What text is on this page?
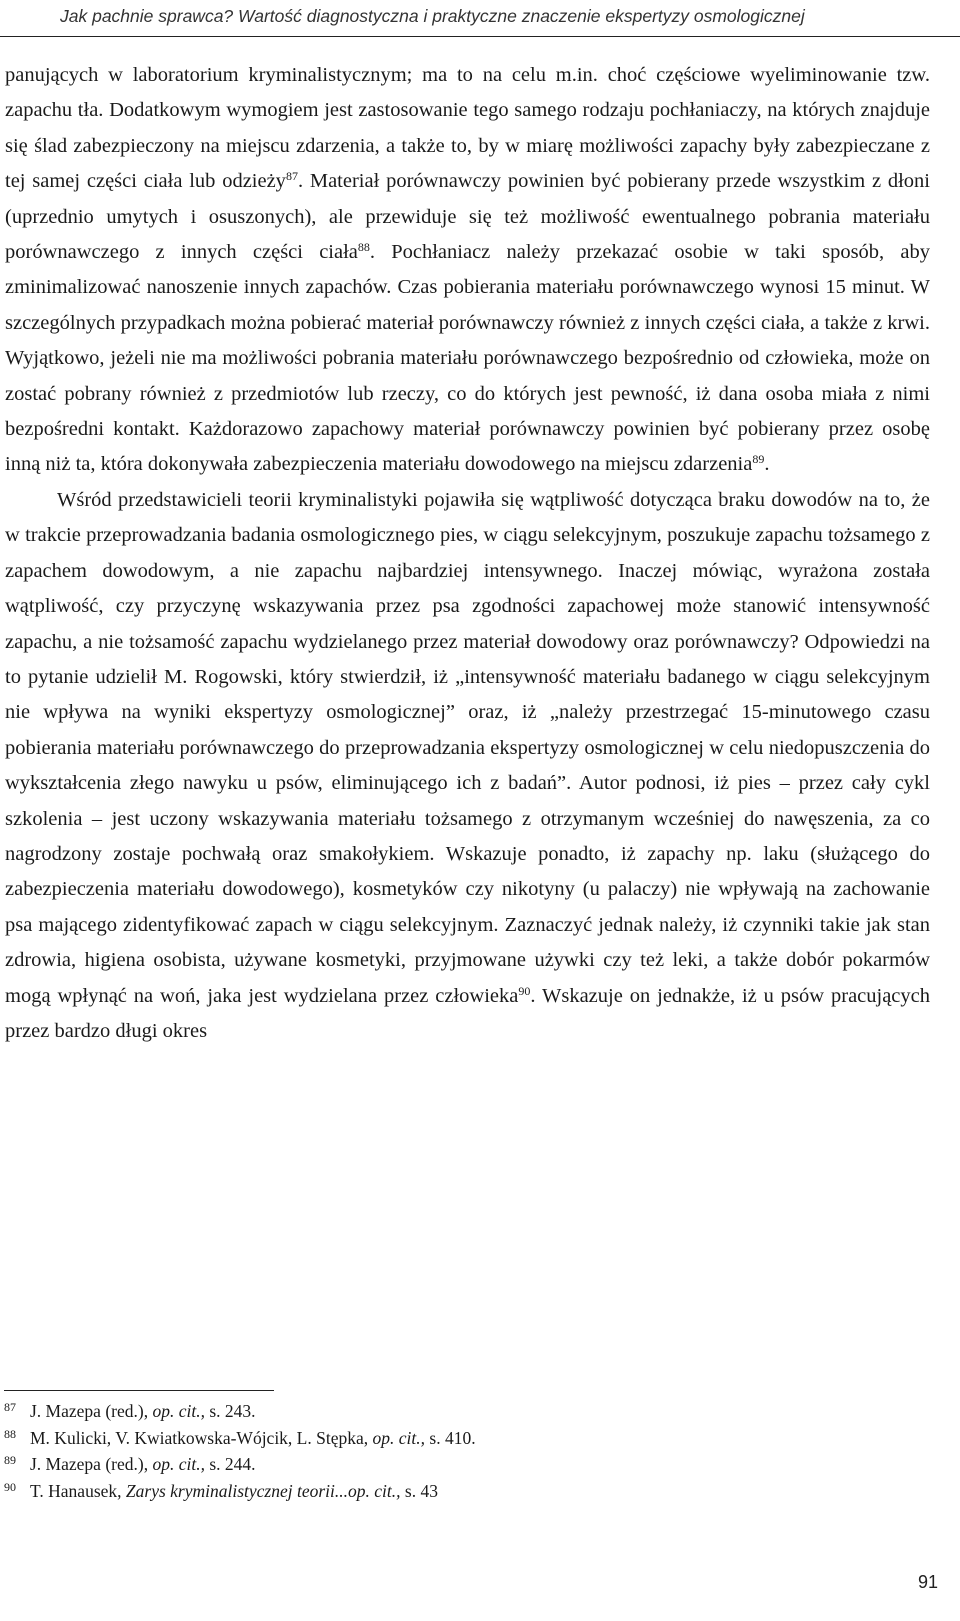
Jak pachnie sprawca? Wartość diagnostyczna i praktyczne znaczenie ekspertyzy osmologicznej

panujących w laboratorium kryminalistycznym; ma to na celu m.in. choć częściowe wyeliminowanie tzw. zapachu tła. Dodatkowym wymogiem jest zastosowanie tego samego rodzaju pochłaniaczy, na których znajduje się ślad zabezpieczony na miejscu zdarzenia, a także to, by w miarę możliwości zapachy były zabezpieczane z tej samej części ciała lub odzieży$^{87}$. Materiał porównawczy powinien być pobierany przede wszystkim z dłoni (uprzednio umytych i osuszonych), ale przewiduje się też możliwość ewentualnego pobrania materiału porównawczego z innych części ciała$^{88}$. Pochłaniacz należy przekazać osobie w taki sposób, aby zminimalizować nanoszenie innych zapachów. Czas pobierania materiału porównawczego wynosi 15 minut. W szczególnych przypadkach można pobierać materiał porównawczy również z innych części ciała, a także z krwi. Wyjątkowo, jeżeli nie ma możliwości pobrania materiału porównawczego bezpośrednio od człowieka, może on zostać pobrany również z przedmiotów lub rzeczy, co do których jest pewność, iż dana osoba miała z nimi bezpośredni kontakt. Każdorazowo zapachowy materiał porównawczy powinien być pobierany przez osobę inną niż ta, która dokonywała zabezpieczenia materiału dowodowego na miejscu zdarzenia$^{89}$.

Wśród przedstawicieli teorii kryminalistyki pojawiła się wątpliwość dotycząca braku dowodów na to, że w trakcie przeprowadzania badania osmologicznego pies, w ciągu selekcyjnym, poszukuje zapachu tożsamego z zapachem dowodowym, a nie zapachu najbardziej intensywnego. Inaczej mówiąc, wyrażona została wątpliwość, czy przyczynę wskazywania przez psa zgodności zapachowej może stanowić intensywność zapachu, a nie tożsamość zapachu wydzielanego przez materiał dowodowy oraz porównawczy? Odpowiedzi na to pytanie udzielił M. Rogowski, który stwierdził, iż „intensywność materiału badanego w ciągu selekcyjnym nie wpływa na wyniki ekspertyzy osmologicznej” oraz, iż „należy przestrzegać 15-minutowego czasu pobierania materiału porównawczego do przeprowadzania ekspertyzy osmologicznej w celu niedopuszczenia do wykształcenia złego nawyku u psów, eliminującego ich z badań”. Autor podnosi, iż pies – przez cały cykl szkolenia – jest uczony wskazywania materiału tożsamego z otrzymanym wcześniej do nawęszenia, za co nagrodzony zostaje pochwałą oraz smakołykiem. Wskazuje ponadto, iż zapachy np. laku (służącego do zabezpieczenia materiału dowodowego), kosmetyków czy nikotyny (u palaczy) nie wpływają na zachowanie psa mającego zidentyfikować zapach w ciągu selekcyjnym. Zaznaczyć jednak należy, iż czynniki takie jak stan zdrowia, higiena osobista, używane kosmetyki, przyjmowane używki czy też leki, a także dobór pokarmów mogą wpłynąć na woń, jaka jest wydzielana przez człowieka$^{90}$. Wskazuje on jednakże, iż u psów pracujących przez bardzo długi okres

87 J. Mazepa (red.), op. cit., s. 243.
88 M. Kulicki, V. Kwiatkowska-Wójcik, L. Stępka, op. cit., s. 410.
89 J. Mazepa (red.), op. cit., s. 244.
90 T. Hanausek, Zarys kryminalistycznej teorii...op. cit., s. 43
91
